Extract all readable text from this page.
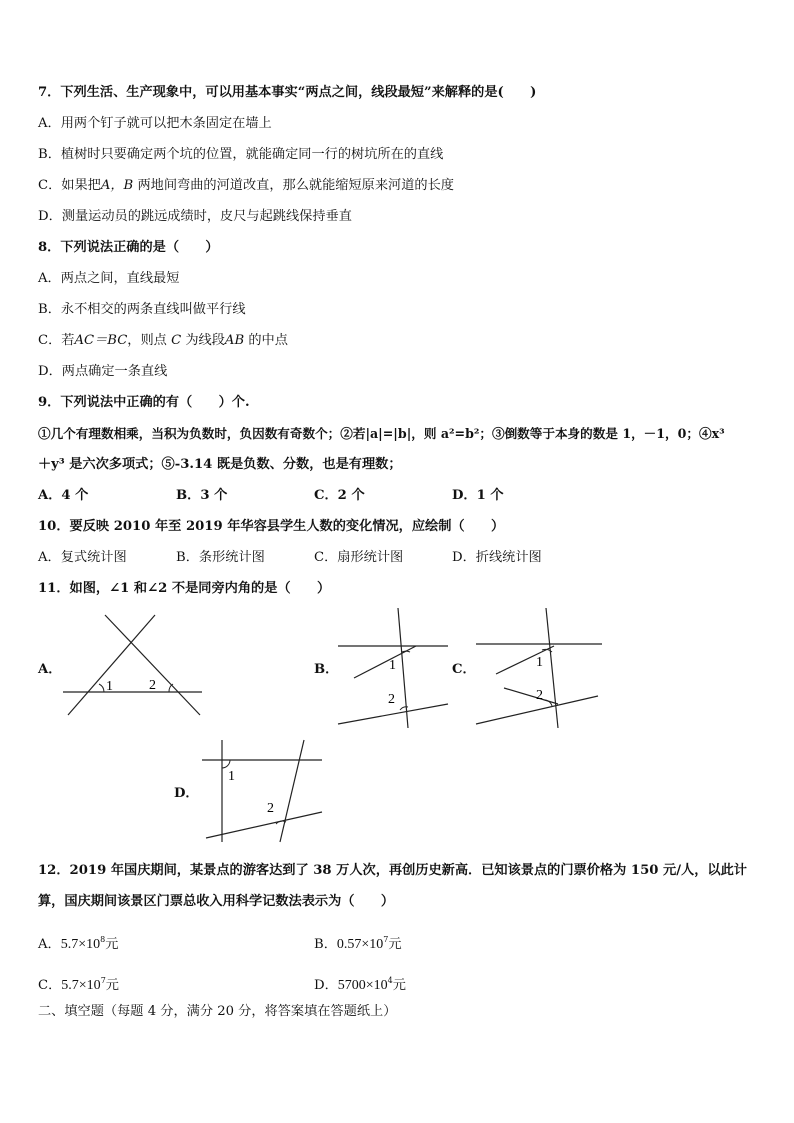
7．下列生活、生产现象中，可以用基本事实“两点之间，线段最短”来解释的是(　　)
A．用两个钉子就可以把木条固定在墙上
B．植树时只要确定两个坑的位置，就能确定同一行的树坑所在的直线
C．如果把A，B 两地间弯曲的河道改直，那么就能缩短原来河道的长度
D．测量运动员的跳远成绩时，皮尺与起跳线保持垂直
8．下列说法正确的是（　　）
A．两点之间，直线最短
B．永不相交的两条直线叫做平行线
C．若AC＝BC，则点 C 为线段AB 的中点
D．两点确定一条直线
9．下列说法中正确的有（　　）个.
①几个有理数相乘，当积为负数时，负因数有奇数个；②若|a|=|b|，则 a²=b²；③倒数等于本身的数是 1，－1，0；④x³
＋y³ 是六次多项式；⑤-3.14 既是负数、分数，也是有理数；
A．4 个	B．3 个	C．2 个	D．1 个
10．要反映 2010 年至 2019 年华容县学生人数的变化情况，应绘制（　　）
A．复式统计图	B．条形统计图	C．扇形统计图	D．折线统计图
11．如图，∠1 和∠2 不是同旁内角的是（　　）
A．
1	2
B．	1
2
C．	1
2
D．
1
2
12．2019 年国庆期间，某景点的游客达到了 38 万人次，再创历史新高．已知该景点的门票价格为 150 元/人，以此计
算，国庆期间该景区门票总收入用科学记数法表示为（　　）
A．$5.7\times 10^8$元	B．$0.57\times 10^7$元
C．$5.7\times 10^7$元	D．$5700\times 10^4$元
二、填空题（每题 4 分，满分 20 分，将答案填在答题纸上）
